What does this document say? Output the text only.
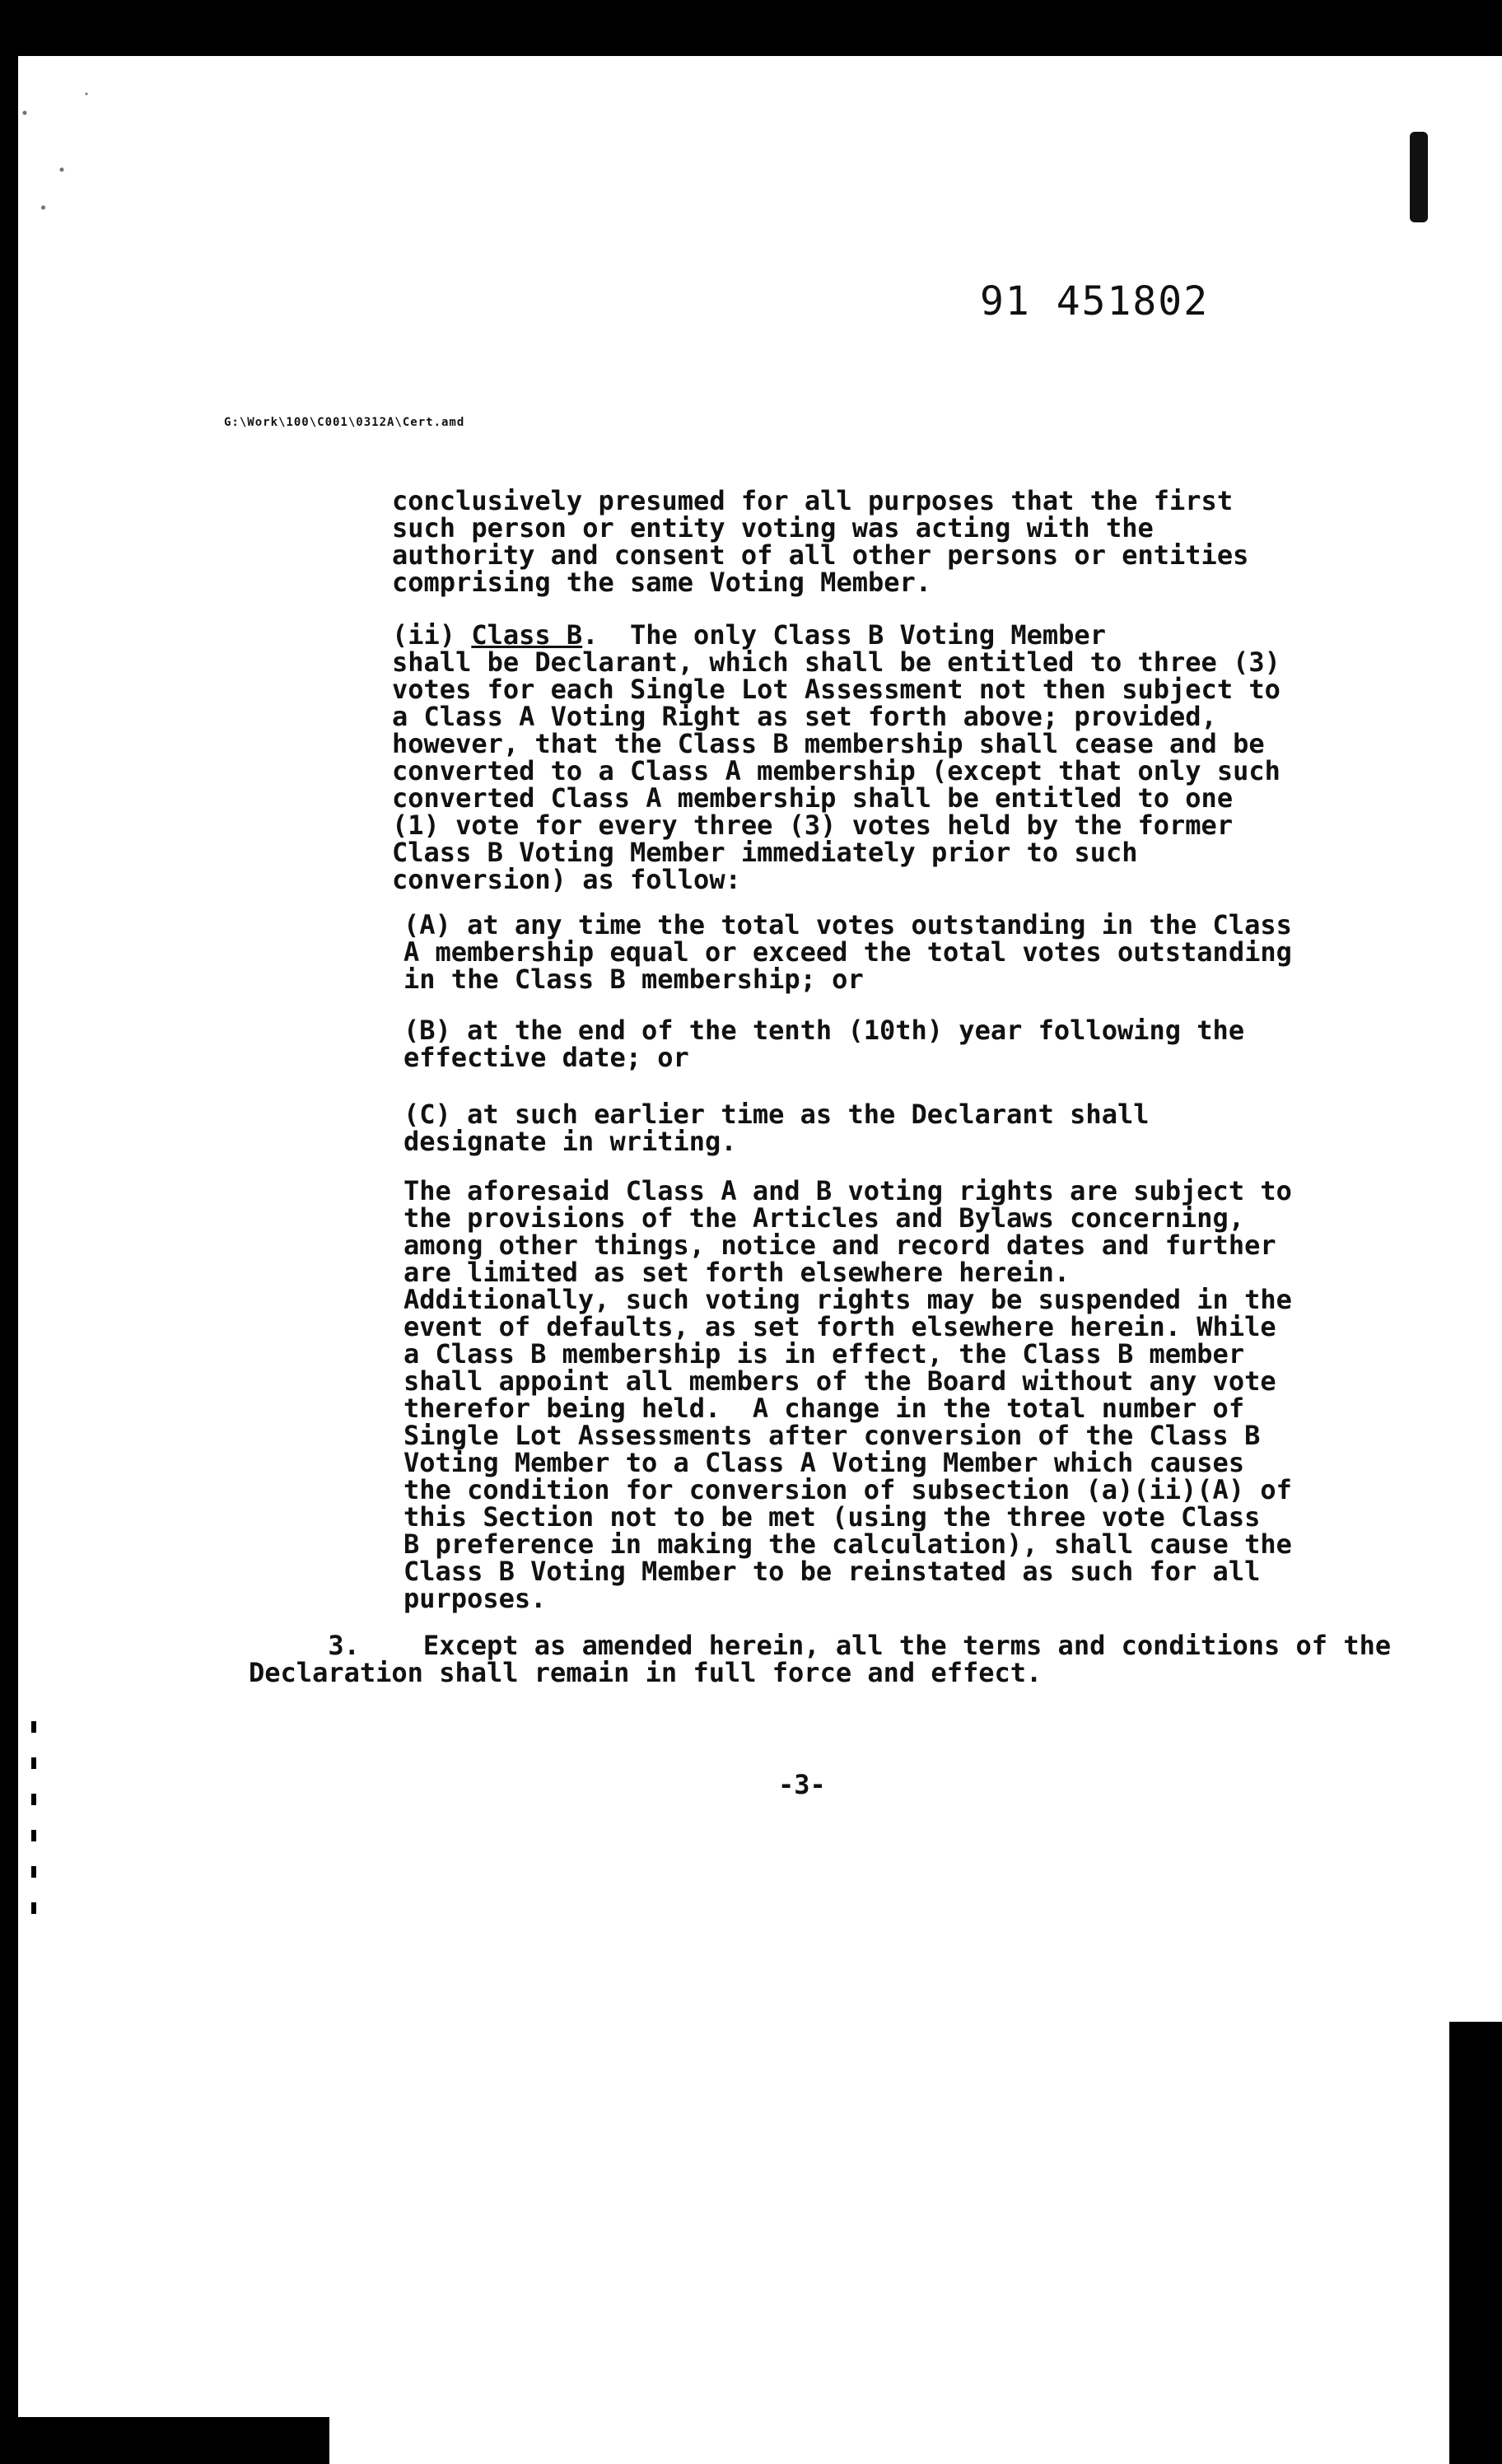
91 451802
G:\Work\100\C001\0312A\Cert.amd
conclusively presumed for all purposes that the first
such person or entity voting was acting with the
authority and consent of all other persons or entities
comprising the same Voting Member.
(ii) Class B.  The only Class B Voting Member
shall be Declarant, which shall be entitled to three (3)
votes for each Single Lot Assessment not then subject to
a Class A Voting Right as set forth above; provided,
however, that the Class B membership shall cease and be
converted to a Class A membership (except that only such
converted Class A membership shall be entitled to one
(1) vote for every three (3) votes held by the former
Class B Voting Member immediately prior to such
conversion) as follow:
(A) at any time the total votes outstanding in the Class
A membership equal or exceed the total votes outstanding
in the Class B membership; or
(B) at the end of the tenth (10th) year following the
effective date; or
(C) at such earlier time as the Declarant shall
designate in writing.
The aforesaid Class A and B voting rights are subject to
the provisions of the Articles and Bylaws concerning,
among other things, notice and record dates and further
are limited as set forth elsewhere herein.
Additionally, such voting rights may be suspended in the
event of defaults, as set forth elsewhere herein. While
a Class B membership is in effect, the Class B member
shall appoint all members of the Board without any vote
therefor being held.  A change in the total number of
Single Lot Assessments after conversion of the Class B
Voting Member to a Class A Voting Member which causes
the condition for conversion of subsection (a)(ii)(A) of
this Section not to be met (using the three vote Class
B preference in making the calculation), shall cause the
Class B Voting Member to be reinstated as such for all
purposes.
3.    Except as amended herein, all the terms and conditions of the
Declaration shall remain in full force and effect.
-3-
